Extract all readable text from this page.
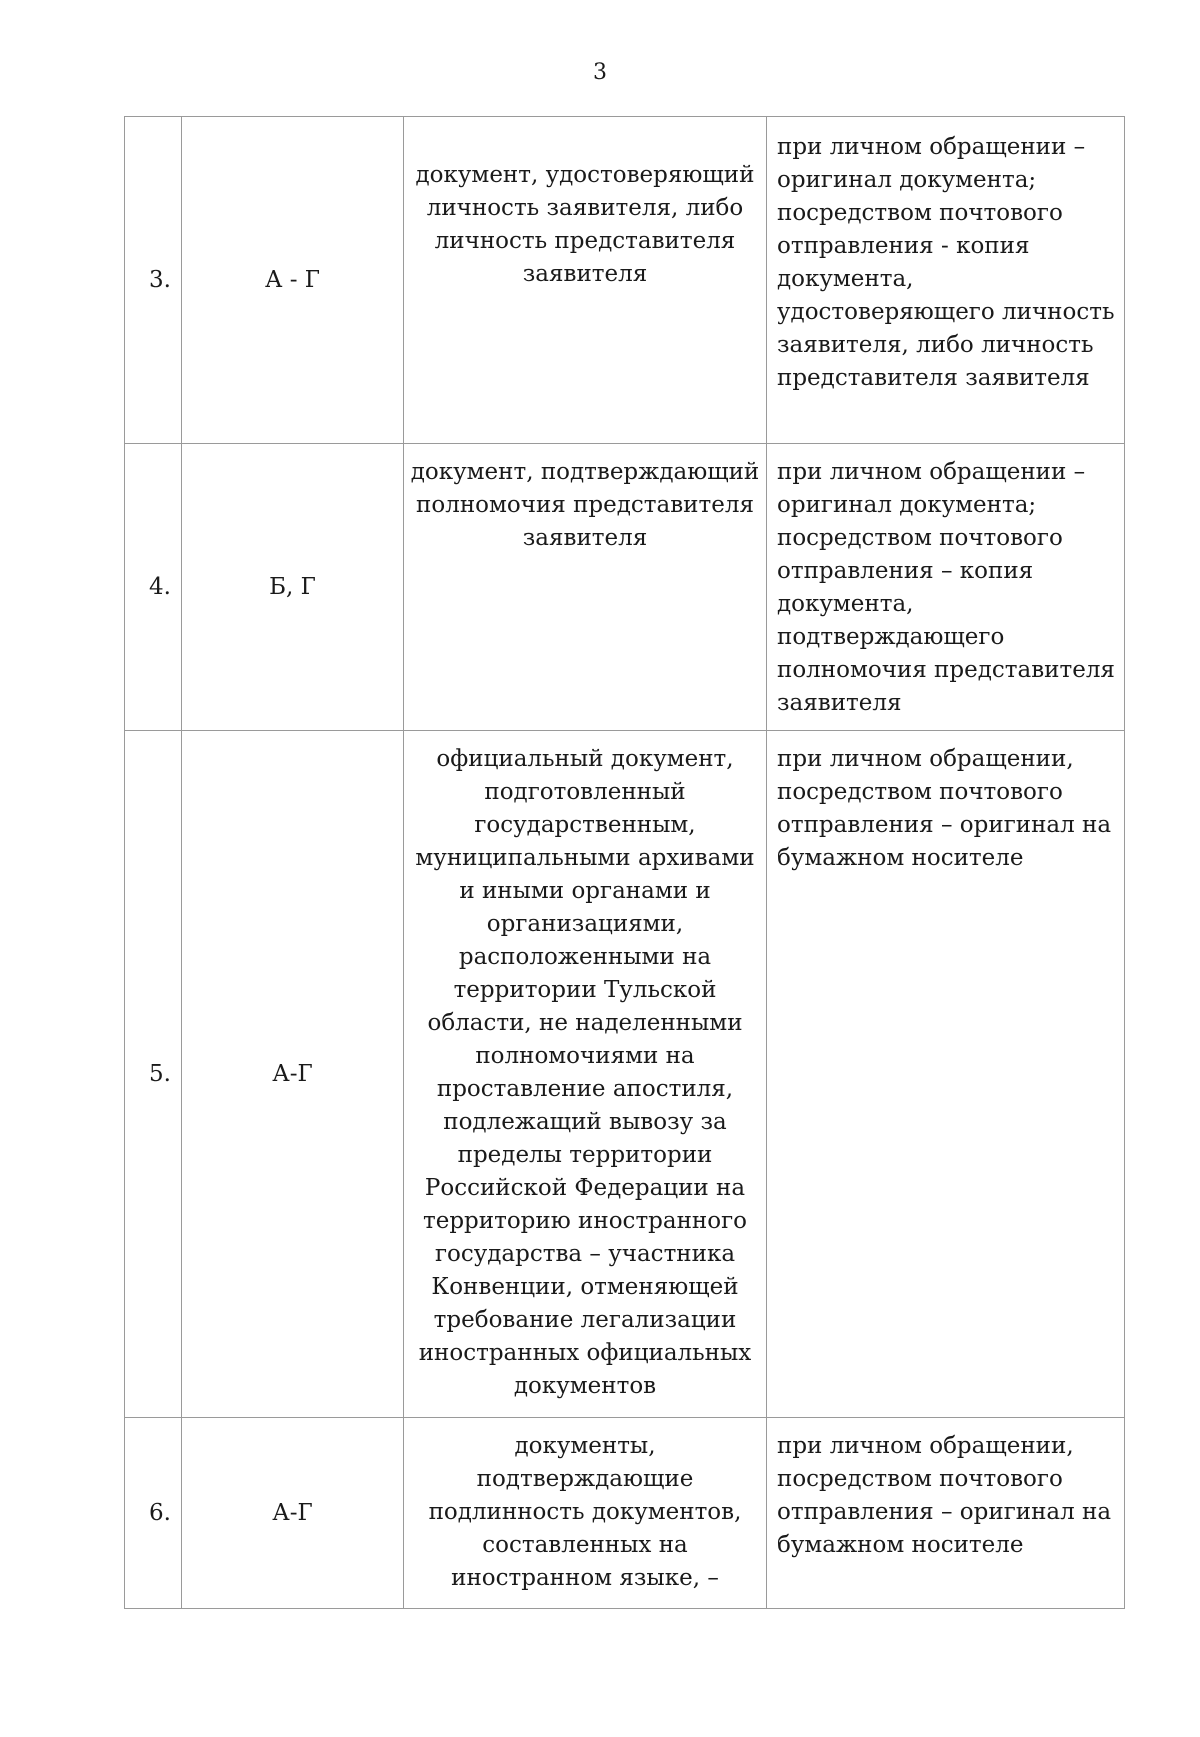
3
3.	А - Г	документ, удостоверяющий личность заявителя, либо личность представителя заявителя	при личном обращении – оригинал документа; посредством почтового отправления - копия документа, удостоверяющего личность заявителя, либо личность представителя заявителя

4.	Б, Г	документ, подтверждающий полномочия представителя заявителя	при личном обращении – оригинал документа; посредством почтового отправления – копия документа, подтверждающего полномочия представителя заявителя

5.	А-Г	официальный документ, подготовленный государственным, муниципальными архивами и иными органами и организациями, расположенными на территории Тульской области, не наделенными полномочиями на проставление апостиля, подлежащий вывозу за пределы территории Российской Федерации на территорию иностранного государства – участника Конвенции, отменяющей требование легализации иностранных официальных документов	при личном обращении, посредством почтового отправления – оригинал на бумажном носителе

6.	А-Г	документы, подтверждающие подлинность документов, составленных на иностранном языке, –	при личном обращении, посредством почтового отправления – оригинал на бумажном носителе
